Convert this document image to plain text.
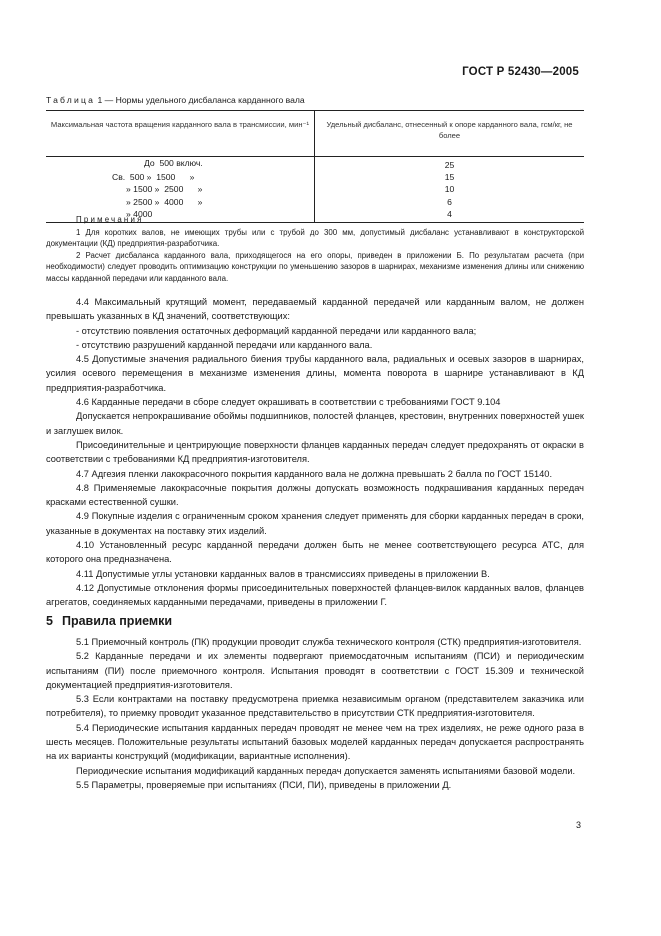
ГОСТ Р 52430—2005
Таблица 1 — Нормы удельного дисбаланса карданного вала
Максимальная частота вращения карданного вала в трансмиссии, мин⁻¹	Удельный дисбаланс, отнесенный к опоре карданного вала, гсм/кг, не более

До  500 включ.	25

Св.  500 »  1500      »	15

» 1500 »  2500      »	10

» 2500 »  4000      »	6

» 4000	4
Примечания

1 Для коротких валов, не имеющих трубы или с трубой до 300 мм, допустимый дисбаланс устанавливают в конструкторской документации (КД) предприятия-разработчика.

2 Расчет дисбаланса карданного вала, приходящегося на его опоры, приведен в приложении Б. По результатам расчета (при необходимости) следует проводить оптимизацию конструкции по уменьшению зазоров в шарнирах, механизме изменения длины или снижению массы карданной передачи или карданного вала.

4.4 Максимальный крутящий момент, передаваемый карданной передачей или карданным валом, не должен превышать указанных в КД значений, соответствующих:

- отсутствию появления остаточных деформаций карданной передачи или карданного вала;

- отсутствию разрушений карданной передачи или карданного вала.

4.5 Допустимые значения радиального биения трубы карданного вала, радиальных и осевых зазоров в шарнирах, усилия осевого перемещения в механизме изменения длины, момента поворота в шарнире устанавливают в КД предприятия-разработчика.

4.6 Карданные передачи в сборе следует окрашивать в соответствии с требованиями ГОСТ 9.104

Допускается непрокрашивание обоймы подшипников, полостей фланцев, крестовин, внутренних поверхностей ушек и заглушек вилок.

Присоединительные и центрирующие поверхности фланцев карданных передач следует предохранять от окраски в соответствии с требованиями КД предприятия-изготовителя.

4.7 Адгезия пленки лакокрасочного покрытия карданного вала не должна превышать 2 балла по ГОСТ 15140.

4.8 Применяемые лакокрасочные покрытия должны допускать возможность подкрашивания карданных передач красками естественной сушки.

4.9 Покупные изделия с ограниченным сроком хранения следует применять для сборки карданных передач в сроки, указанные в документах на поставку этих изделий.

4.10 Установленный ресурс карданной передачи должен быть не менее соответствующего ресурса АТС, для которого она предназначена.

4.11 Допустимые углы установки карданных валов в трансмиссиях приведены в приложении В.

4.12 Допустимые отклонения формы присоединительных поверхностей фланцев-вилок карданных валов, фланцев агрегатов, соединяемых карданными передачами, приведены в приложении Г.

5 Правила приемки

5.1 Приемочный контроль (ПК) продукции проводит служба технического контроля (СТК) предприятия-изготовителя.

5.2 Карданные передачи и их элементы подвергают приемосдаточным испытаниям (ПСИ) и периодическим испытаниям (ПИ) после приемочного контроля. Испытания проводят в соответствии с ГОСТ 15.309 и технической документацией предприятия-изготовителя.

5.3 Если контрактами на поставку предусмотрена приемка независимым органом (представителем заказчика или потребителя), то приемку проводит указанное представительство в присутствии СТК предприятия-изготовителя.

5.4 Периодические испытания карданных передач проводят не менее чем на трех изделиях, не реже одного раза в шесть месяцев. Положительные результаты испытаний базовых моделей карданных передач допускается распространять на их варианты конструкций (модификации, вариантные исполнения).

Периодические испытания модификаций карданных передач допускается заменять испытаниями базовой модели.

5.5 Параметры, проверяемые при испытаниях (ПСИ, ПИ), приведены в приложении Д.

3
